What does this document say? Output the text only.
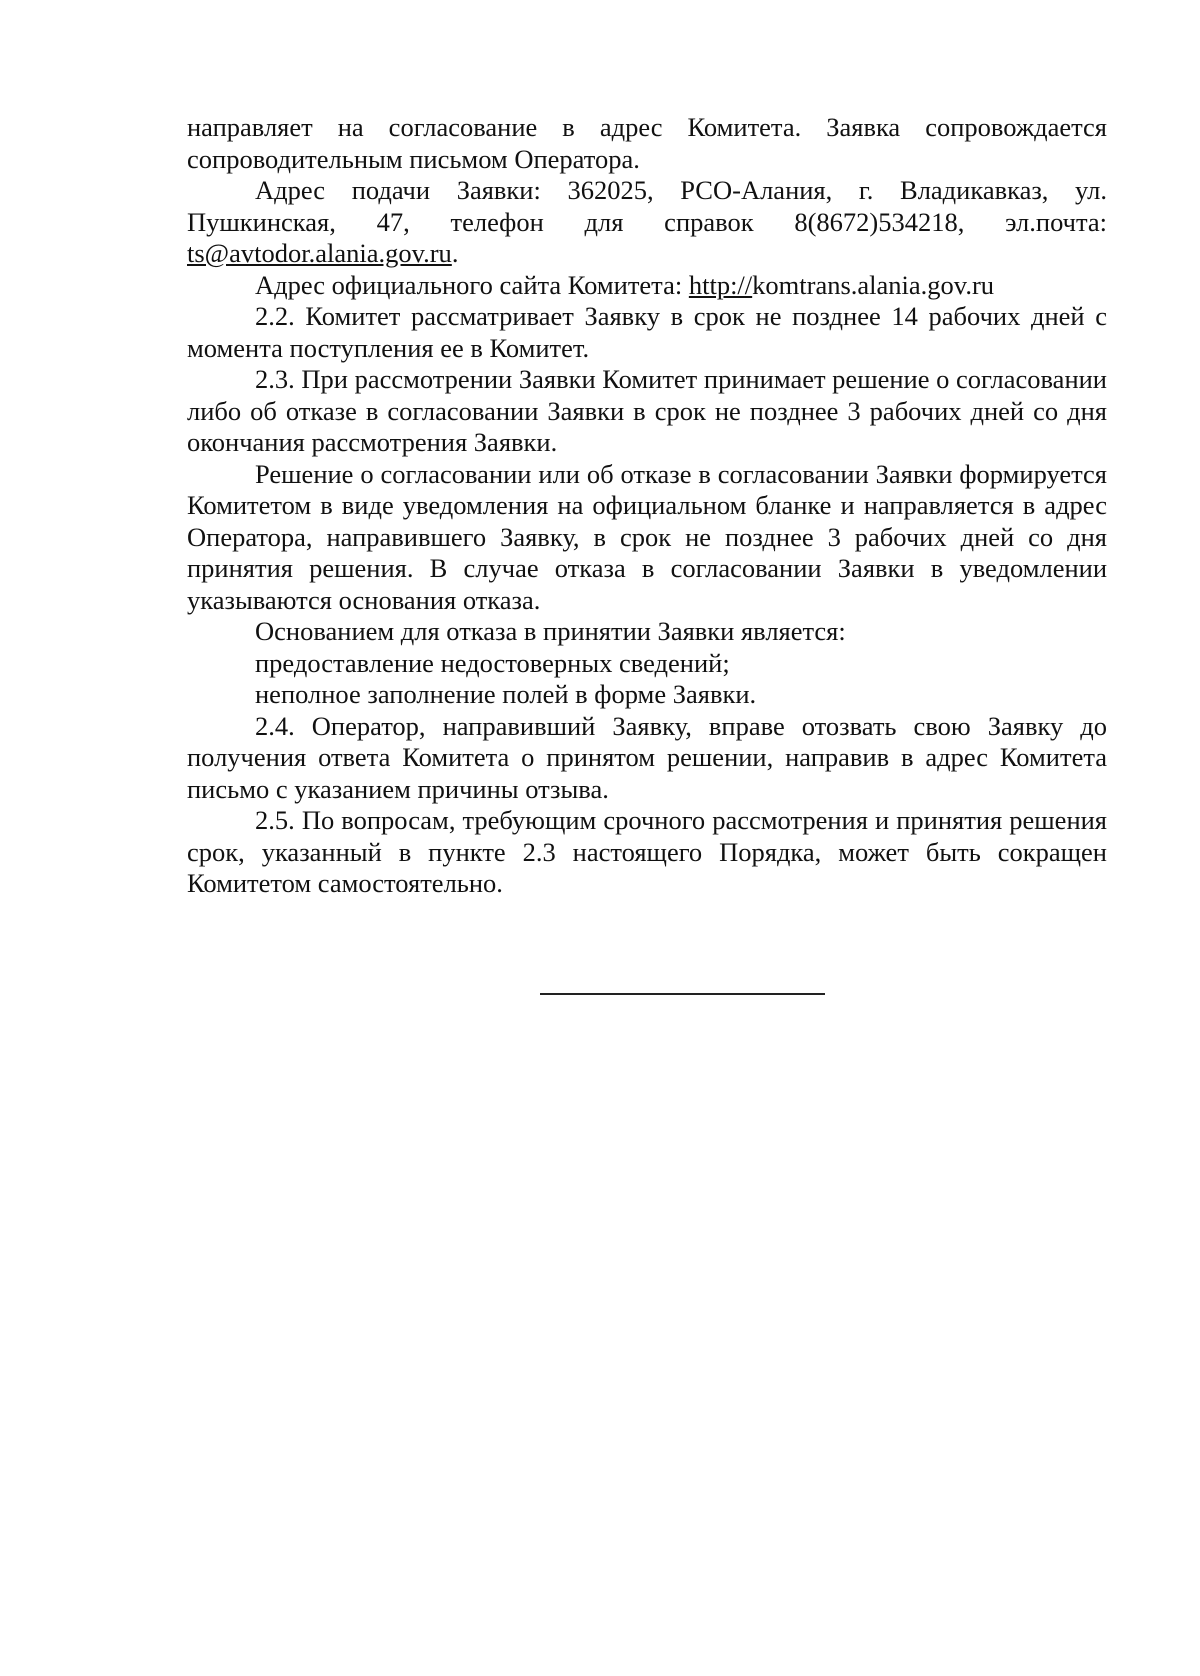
направляет на согласование в адрес Комитета. Заявка сопровождается сопроводительным письмом Оператора.

Адрес подачи Заявки: 362025, РСО-Алания, г. Владикавказ, ул. Пушкинская, 47, телефон для справок 8(8672)534218, эл.почта: ts@avtodor.alania.gov.ru.

Адрес официального сайта Комитета: http://komtrans.alania.gov.ru

2.2. Комитет рассматривает Заявку в срок не позднее 14 рабочих дней с момента поступления ее в Комитет.

2.3. При рассмотрении Заявки Комитет принимает решение о согласовании либо об отказе в согласовании Заявки в срок не позднее 3 рабочих дней со дня окончания рассмотрения Заявки.

Решение о согласовании или об отказе в согласовании Заявки формируется Комитетом в виде уведомления на официальном бланке и направляется в адрес Оператора, направившего Заявку, в срок не позднее 3 рабочих дней со дня принятия решения. В случае отказа в согласовании Заявки в уведомлении указываются основания отказа.

Основанием для отказа в принятии Заявки является:

предоставление недостоверных сведений;

неполное заполнение полей в форме Заявки.

2.4. Оператор, направивший Заявку, вправе отозвать свою Заявку до получения ответа Комитета о принятом решении, направив в адрес Комитета письмо с указанием причины отзыва.

2.5. По вопросам, требующим срочного рассмотрения и принятия решения срок, указанный в пункте 2.3 настоящего Порядка, может быть сокращен Комитетом самостоятельно.
